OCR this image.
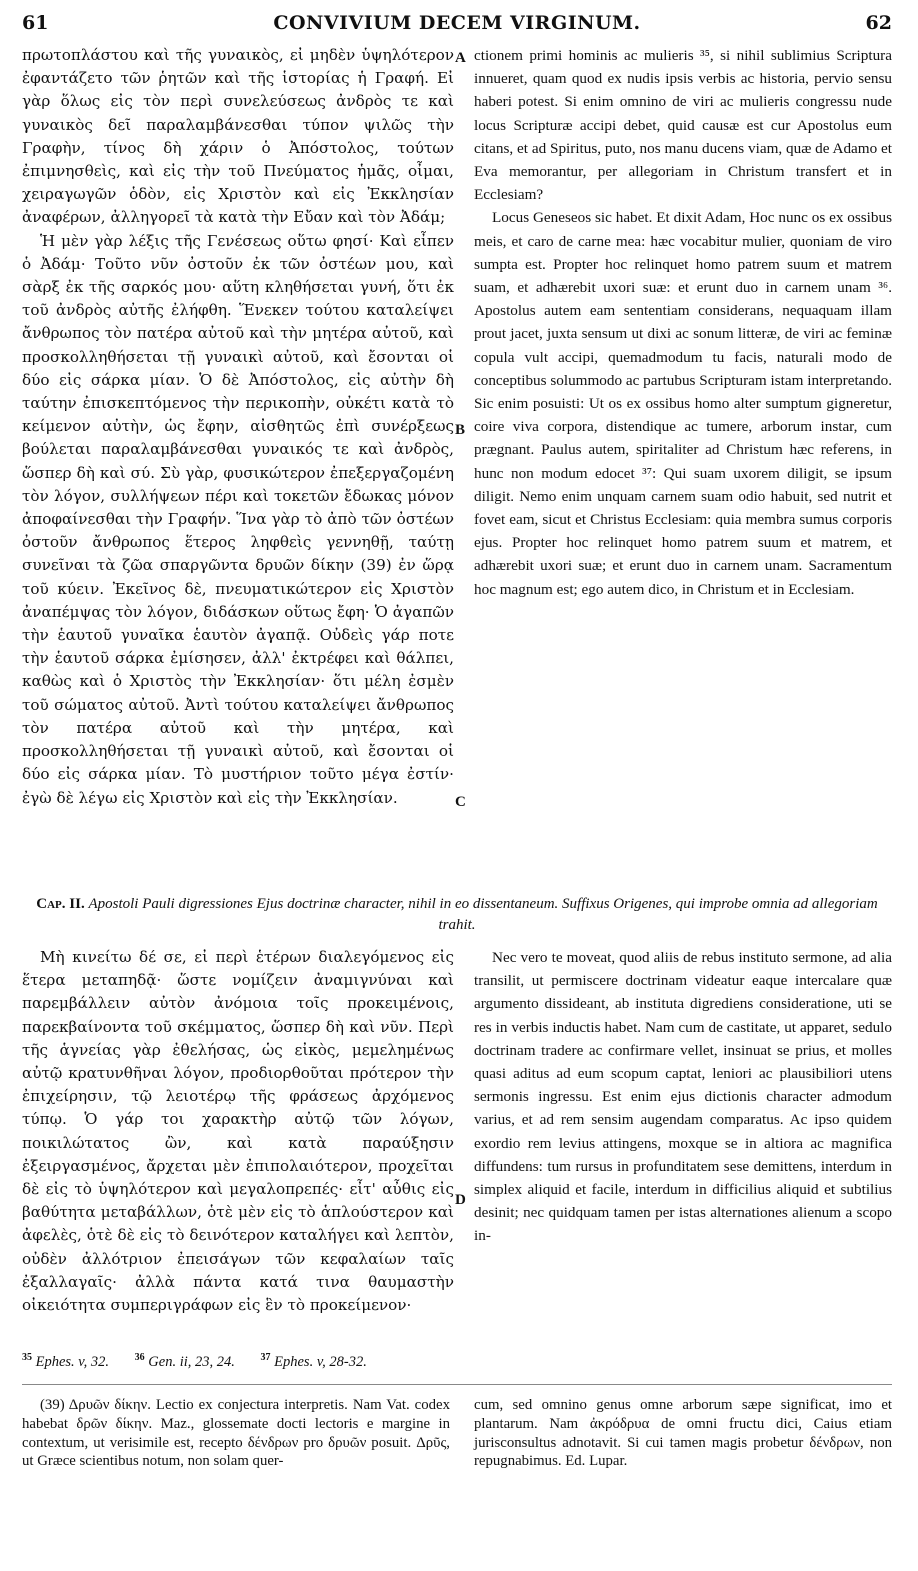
61	CONVIVIUM DECEM VIRGINUM.	62

πρωτοπλάστου καὶ τῆς γυναικὸς, εἰ μηδὲν ὑψηλότερον ἐφαντάζετο τῶν ῥητῶν καὶ τῆς ἱστορίας ἡ Γραφή. Εἰ γὰρ ὅλως εἰς τὸν περὶ συνελεύσεως ἀνδρὸς τε καὶ γυναικὸς δεῖ παραλαμβάνεσθαι τύπον ψιλῶς τὴν Γραφὴν, τίνος δὴ χάριν ὁ Ἀπόστολος, τούτων ἐπιμνησθεὶς, καὶ εἰς τὴν τοῦ Πνεύματος ἡμᾶς, οἶμαι, χειραγωγῶν ὁδὸν, εἰς Χριστὸν καὶ εἰς Ἐκκλησίαν ἀναφέρων, ἀλληγορεῖ τὰ κατὰ τὴν Εὔαν καὶ τὸν Ἀδάμ;

Ἡ μὲν γὰρ λέξις τῆς Γενέσεως οὕτω φησί· Καὶ εἶπεν ὁ Ἀδάμ· Τοῦτο νῦν ὀστοῦν ἐκ τῶν ὀστέων μου, καὶ σὰρξ ἐκ τῆς σαρκός μου· αὕτη κληθήσεται γυνή, ὅτι ἐκ τοῦ ἀνδρὸς αὐτῆς ἐλήφθη. Ἕνεκεν τούτου καταλείψει ἄνθρωπος τὸν πατέρα αὐτοῦ καὶ τὴν μητέρα αὐτοῦ, καὶ προσκολληθήσεται τῇ γυναικὶ αὐτοῦ, καὶ ἔσονται οἱ δύο εἰς σάρκα μίαν. Ὁ δὲ Ἀπόστολος, εἰς αὐτὴν δὴ ταύτην ἐπισκεπτόμενος τὴν περικοπὴν, οὐκέτι κατὰ τὸ κείμενον αὐτὴν, ὡς ἔφην, αἰσθητῶς ἐπὶ συνέρξεως βούλεται παραλαμβάνεσθαι γυναικός τε καὶ ἀνδρὸς, ὥσπερ δὴ καὶ σύ. Σὺ γὰρ, φυσικώτερον ἐπεξεργαζομένη τὸν λόγον, συλλήψεων πέρι καὶ τοκετῶν ἔδωκας μόνον ἀποφαίνεσθαι τὴν Γραφήν. Ἵνα γὰρ τὸ ἀπὸ τῶν ὀστέων ὀστοῦν ἄνθρωπος ἕτερος ληφθεὶς γεννηθῇ, ταύτῃ συνεῖναι τὰ ζῶα σπαργῶντα δρυῶν δίκην (39) ἐν ὥρᾳ τοῦ κύειν. Ἐκεῖνος δὲ, πνευματικώτερον εἰς Χριστὸν ἀναπέμψας τὸν λόγον, διδάσκων οὕτως ἔφη· Ὁ ἀγαπῶν τὴν ἑαυτοῦ γυναῖκα ἑαυτὸν ἀγαπᾷ. Οὐδεὶς γάρ ποτε τὴν ἑαυτοῦ σάρκα ἐμίσησεν, ἀλλ' ἐκτρέφει καὶ θάλπει, καθὼς καὶ ὁ Χριστὸς τὴν Ἐκκλησίαν· ὅτι μέλη ἐσμὲν τοῦ σώματος αὐτοῦ. Ἀντὶ τούτου καταλείψει ἄνθρωπος τὸν πατέρα αὐτοῦ καὶ τὴν μητέρα, καὶ προσκολληθήσεται τῇ γυναικὶ αὐτοῦ, καὶ ἔσονται οἱ δύο εἰς σάρκα μίαν. Τὸ μυστήριον τοῦτο μέγα ἐστίν· ἐγὼ δὲ λέγω εἰς Χριστὸν καὶ εἰς τὴν Ἐκκλησίαν.

A
B
C
D

ctionem primi hominis ac mulieris ³⁵, si nihil sublimius Scriptura innueret, quam quod ex nudis ipsis verbis ac historia, pervio sensu haberi potest. Si enim omnino de viri ac mulieris congressu nude locus Scripturæ accipi debet, quid causæ est cur Apostolus eum citans, et ad Spiritus, puto, nos manu ducens viam, quæ de Adamo et Eva memorantur, per allegoriam in Christum transfert et in Ecclesiam?

Locus Geneseos sic habet. Et dixit Adam, Hoc nunc os ex ossibus meis, et caro de carne mea: hæc vocabitur mulier, quoniam de viro sumpta est. Propter hoc relinquet homo patrem suum et matrem suam, et adhærebit uxori suæ: et erunt duo in carnem unam ³⁶. Apostolus autem eam sententiam considerans, nequaquam illam prout jacet, juxta sensum ut dixi ac sonum litteræ, de viri ac feminæ copula vult accipi, quemadmodum tu facis, naturali modo de conceptibus solummodo ac partubus Scripturam istam interpretando. Sic enim posuisti: Ut os ex ossibus homo alter sumptum gigneretur, coire viva corpora, distendique ac tumere, arborum instar, cum prægnant. Paulus autem, spiritaliter ad Christum hæc referens, in hunc non modum edocet ³⁷: Qui suam uxorem diligit, se ipsum diligit. Nemo enim unquam carnem suam odio habuit, sed nutrit et fovet eam, sicut et Christus Ecclesiam: quia membra sumus corporis ejus. Propter hoc relinquet homo patrem suum et matrem, et adhærebit uxori suæ; et erunt duo in carnem unam. Sacramentum hoc magnum est; ego autem dico, in Christum et in Ecclesiam.

Cap. II. Apostoli Pauli digressiones Ejus doctrinæ character, nihil in eo dissentaneum. Suffixus Origenes, qui improbe omnia ad allegoriam trahit.

Μὴ κινείτω δέ σε, εἰ περὶ ἑτέρων διαλεγόμενος εἰς ἕτερα μεταπηδᾷ· ὥστε νομίζειν ἀναμιγνύναι καὶ παρεμβάλλειν αὐτὸν ἀνόμοια τοῖς προκειμένοις, παρεκβαίνοντα τοῦ σκέμματος, ὥσπερ δὴ καὶ νῦν. Περὶ τῆς ἁγνείας γὰρ ἐθελήσας, ὡς εἰκὸς, μεμελημένως αὐτῷ κρατυνθῆναι λόγον, προδιορθοῦται πρότερον τὴν ἐπιχείρησιν, τῷ λειοτέρῳ τῆς φράσεως ἀρχόμενος τύπῳ. Ὁ γάρ τοι χαρακτὴρ αὐτῷ τῶν λόγων, ποικιλώτατος ὢν, καὶ κατὰ παραύξησιν ἐξειργασμένος, ἄρχεται μὲν ἐπιπολαιότερον, προχεῖται δὲ εἰς τὸ ὑψηλότερον καὶ μεγαλοπρεπές· εἶτ' αὖθις εἰς βαθύτητα μεταβάλλων, ὁτὲ μὲν εἰς τὸ ἁπλούστερον καὶ ἀφελὲς, ὁτὲ δὲ εἰς τὸ δεινότερον καταλήγει καὶ λεπτὸν, οὐδὲν ἀλλότριον ἐπεισάγων τῶν κεφαλαίων ταῖς ἐξαλλαγαῖς· ἀλλὰ πάντα κατά τινα θαυμαστὴν οἰκειότητα συμπεριγράφων εἰς ἓν τὸ προκείμενον·

Nec vero te moveat, quod aliis de rebus instituto sermone, ad alia transilit, ut permiscere doctrinam videatur eaque intercalare quæ argumento dissideant, ab instituta digrediens consideratione, uti se res in verbis inductis habet. Nam cum de castitate, ut apparet, sedulo doctrinam tradere ac confirmare vellet, insinuat se prius, et molles quasi aditus ad eum scopum captat, leniori ac plausibiliori utens sermonis ingressu. Est enim ejus dictionis character admodum varius, et ad rem sensim augendam comparatus. Ac ipso quidem exordio rem levius attingens, moxque se in altiora ac magnifica diffundens: tum rursus in profunditatem sese demittens, interdum in simplex aliquid et facile, interdum in difficilius aliquid et subtilius desinit; nec quidquam tamen per istas alternationes alienum a scopo in-

$^{35}$ Ephes. v, 32.	$^{36}$ Gen. ii, 23, 24.	$^{37}$ Ephes. v, 28-32.

(39) Δρυῶν δίκην. Lectio ex conjectura interpretis. Nam Vat. codex habebat δρῶν δίκην. Maz., glossemate docti lectoris e margine in contextum, ut verisimile est, recepto δένδρων pro δρυῶν posuit. Δρῦς, ut Græce scientibus notum, non solam quer-

cum, sed omnino genus omne arborum sæpe significat, imo et plantarum. Nam ἀκρόδρυα de omni fructu dici, Caius etiam jurisconsultus adnotavit. Si cui tamen magis probetur δένδρων, non repugnabimus. Ed. Lupar.
